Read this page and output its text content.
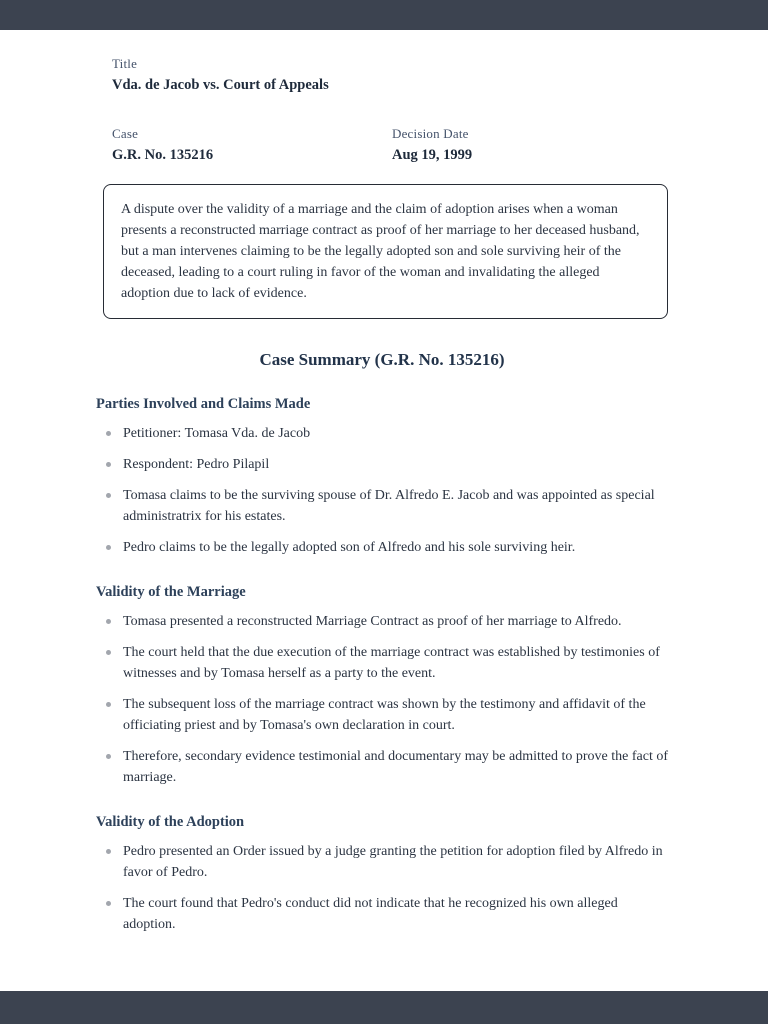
Title
Vda. de Jacob vs. Court of Appeals
Case
G.R. No. 135216
Decision Date
Aug 19, 1999
A dispute over the validity of a marriage and the claim of adoption arises when a woman presents a reconstructed marriage contract as proof of her marriage to her deceased husband, but a man intervenes claiming to be the legally adopted son and sole surviving heir of the deceased, leading to a court ruling in favor of the woman and invalidating the alleged adoption due to lack of evidence.
Case Summary (G.R. No. 135216)
Parties Involved and Claims Made
Petitioner: Tomasa Vda. de Jacob
Respondent: Pedro Pilapil
Tomasa claims to be the surviving spouse of Dr. Alfredo E. Jacob and was appointed as special administratrix for his estates.
Pedro claims to be the legally adopted son of Alfredo and his sole surviving heir.
Validity of the Marriage
Tomasa presented a reconstructed Marriage Contract as proof of her marriage to Alfredo.
The court held that the due execution of the marriage contract was established by testimonies of witnesses and by Tomasa herself as a party to the event.
The subsequent loss of the marriage contract was shown by the testimony and affidavit of the officiating priest and by Tomasa's own declaration in court.
Therefore, secondary evidence testimonial and documentary may be admitted to prove the fact of marriage.
Validity of the Adoption
Pedro presented an Order issued by a judge granting the petition for adoption filed by Alfredo in favor of Pedro.
The court found that Pedro's conduct did not indicate that he recognized his own alleged adoption.
